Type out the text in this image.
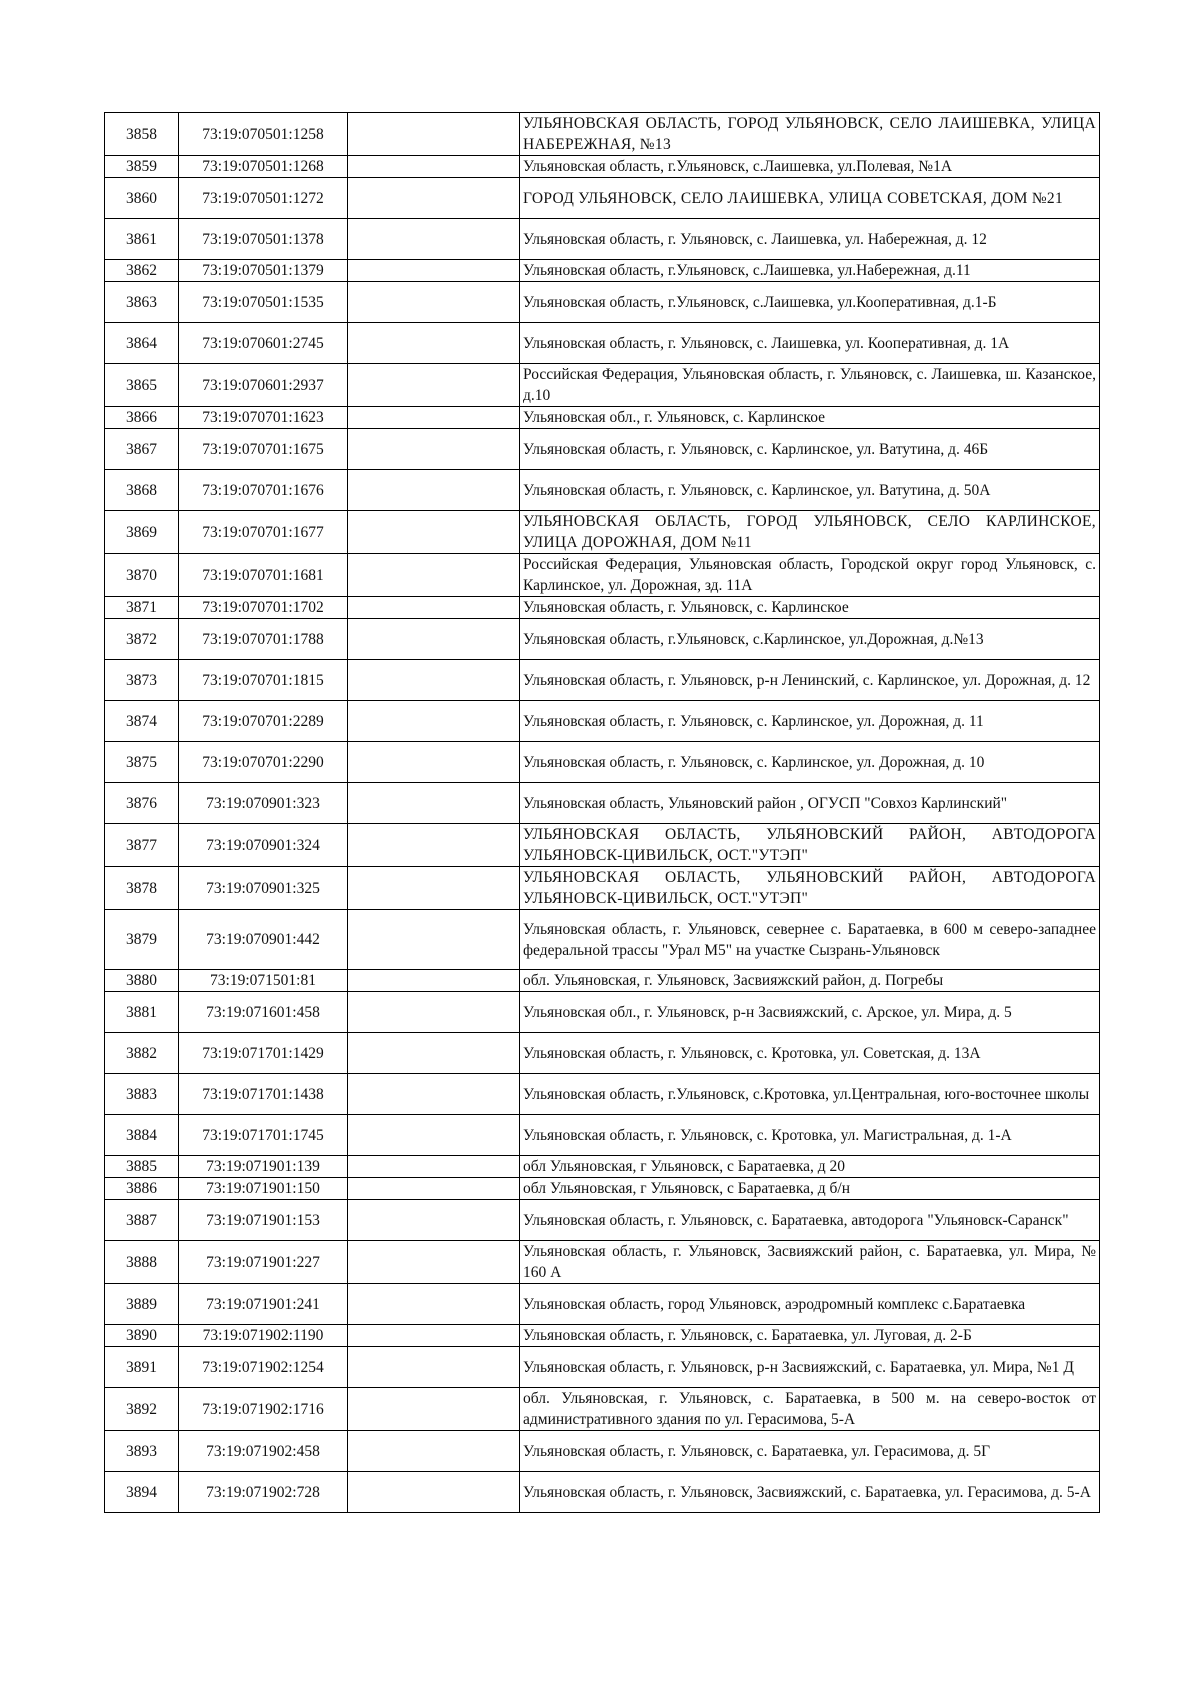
3858	73:19:070501:1258		УЛЬЯНОВСКАЯ ОБЛАСТЬ, ГОРОД УЛЬЯНОВСК, СЕЛО ЛАИШЕВКА, УЛИЦА НАБЕРЕЖНАЯ, №13
3859	73:19:070501:1268		Ульяновская область, г.Ульяновск, с.Лаишевка, ул.Полевая, №1А
3860	73:19:070501:1272		ГОРОД УЛЬЯНОВСК, СЕЛО ЛАИШЕВКА, УЛИЦА СОВЕТСКАЯ, ДОМ №21
3861	73:19:070501:1378		Ульяновская область, г. Ульяновск, с. Лаишевка, ул. Набережная, д. 12
3862	73:19:070501:1379		Ульяновская область, г.Ульяновск, с.Лаишевка, ул.Набережная, д.11
3863	73:19:070501:1535		Ульяновская область, г.Ульяновск, с.Лаишевка, ул.Кооперативная, д.1-Б
3864	73:19:070601:2745		Ульяновская область, г. Ульяновск, с. Лаишевка, ул. Кооперативная, д. 1А
3865	73:19:070601:2937		Российская Федерация, Ульяновская область, г. Ульяновск, с. Лаишевка, ш. Казанское, д.10
3866	73:19:070701:1623		Ульяновская обл., г. Ульяновск, с. Карлинское
3867	73:19:070701:1675		Ульяновская область, г. Ульяновск, с. Карлинское, ул. Ватутина, д. 46Б
3868	73:19:070701:1676		Ульяновская область, г. Ульяновск, с. Карлинское, ул. Ватутина, д. 50А
3869	73:19:070701:1677		УЛЬЯНОВСКАЯ ОБЛАСТЬ, ГОРОД УЛЬЯНОВСК, СЕЛО КАРЛИНСКОЕ, УЛИЦА ДОРОЖНАЯ, ДОМ №11
3870	73:19:070701:1681		Российская Федерация, Ульяновская область, Городской округ город Ульяновск, с. Карлинское, ул. Дорожная, зд. 11А
3871	73:19:070701:1702		Ульяновская область, г. Ульяновск, с. Карлинское
3872	73:19:070701:1788		Ульяновская область, г.Ульяновск, с.Карлинское, ул.Дорожная, д.№13
3873	73:19:070701:1815		Ульяновская область, г. Ульяновск, р-н Ленинский, с. Карлинское, ул. Дорожная, д. 12
3874	73:19:070701:2289		Ульяновская область, г. Ульяновск, с. Карлинское, ул. Дорожная, д. 11
3875	73:19:070701:2290		Ульяновская область, г. Ульяновск, с. Карлинское, ул. Дорожная, д. 10
3876	73:19:070901:323		Ульяновская область, Ульяновский район , ОГУСП "Совхоз Карлинский"
3877	73:19:070901:324		УЛЬЯНОВСКАЯ ОБЛАСТЬ, УЛЬЯНОВСКИЙ РАЙОН, АВТОДОРОГА УЛЬЯНОВСК-ЦИВИЛЬСК, ОСТ."УТЭП"
3878	73:19:070901:325		УЛЬЯНОВСКАЯ ОБЛАСТЬ, УЛЬЯНОВСКИЙ РАЙОН, АВТОДОРОГА УЛЬЯНОВСК-ЦИВИЛЬСК, ОСТ."УТЭП"
3879	73:19:070901:442		Ульяновская область, г. Ульяновск, севернее с. Баратаевка, в 600 м северо-западнее федеральной трассы "Урал М5" на участке Сызрань-Ульяновск
3880	73:19:071501:81		обл. Ульяновская, г. Ульяновск, Засвияжский район, д. Погребы
3881	73:19:071601:458		Ульяновская обл., г. Ульяновск, р-н Засвияжский, с. Арское, ул. Мира, д. 5
3882	73:19:071701:1429		Ульяновская область, г. Ульяновск, с. Кротовка, ул. Советская, д. 13А
3883	73:19:071701:1438		Ульяновская область, г.Ульяновск, с.Кротовка, ул.Центральная, юго-восточнее школы
3884	73:19:071701:1745		Ульяновская область, г. Ульяновск, с. Кротовка, ул. Магистральная, д. 1-А
3885	73:19:071901:139		обл Ульяновская, г Ульяновск, с Баратаевка, д 20
3886	73:19:071901:150		обл Ульяновская, г Ульяновск, с Баратаевка, д б/н
3887	73:19:071901:153		Ульяновская область, г. Ульяновск, с. Баратаевка, автодорога "Ульяновск-Саранск"
3888	73:19:071901:227		Ульяновская область, г. Ульяновск, Засвияжский район, с. Баратаевка, ул. Мира, № 160 А
3889	73:19:071901:241		Ульяновская область, город Ульяновск, аэродромный комплекс с.Баратаевка
3890	73:19:071902:1190		Ульяновская область, г. Ульяновск, с. Баратаевка, ул. Луговая, д. 2-Б
3891	73:19:071902:1254		Ульяновская область, г. Ульяновск, р-н Засвияжский, с. Баратаевка, ул. Мира, №1 Д
3892	73:19:071902:1716		обл. Ульяновская, г. Ульяновск, с. Баратаевка, в 500 м. на северо-восток от административного здания по ул. Герасимова, 5-А
3893	73:19:071902:458		Ульяновская область, г. Ульяновск, с. Баратаевка, ул. Герасимова, д. 5Г
3894	73:19:071902:728		Ульяновская область, г. Ульяновск, Засвияжский, с. Баратаевка, ул. Герасимова, д. 5-А
